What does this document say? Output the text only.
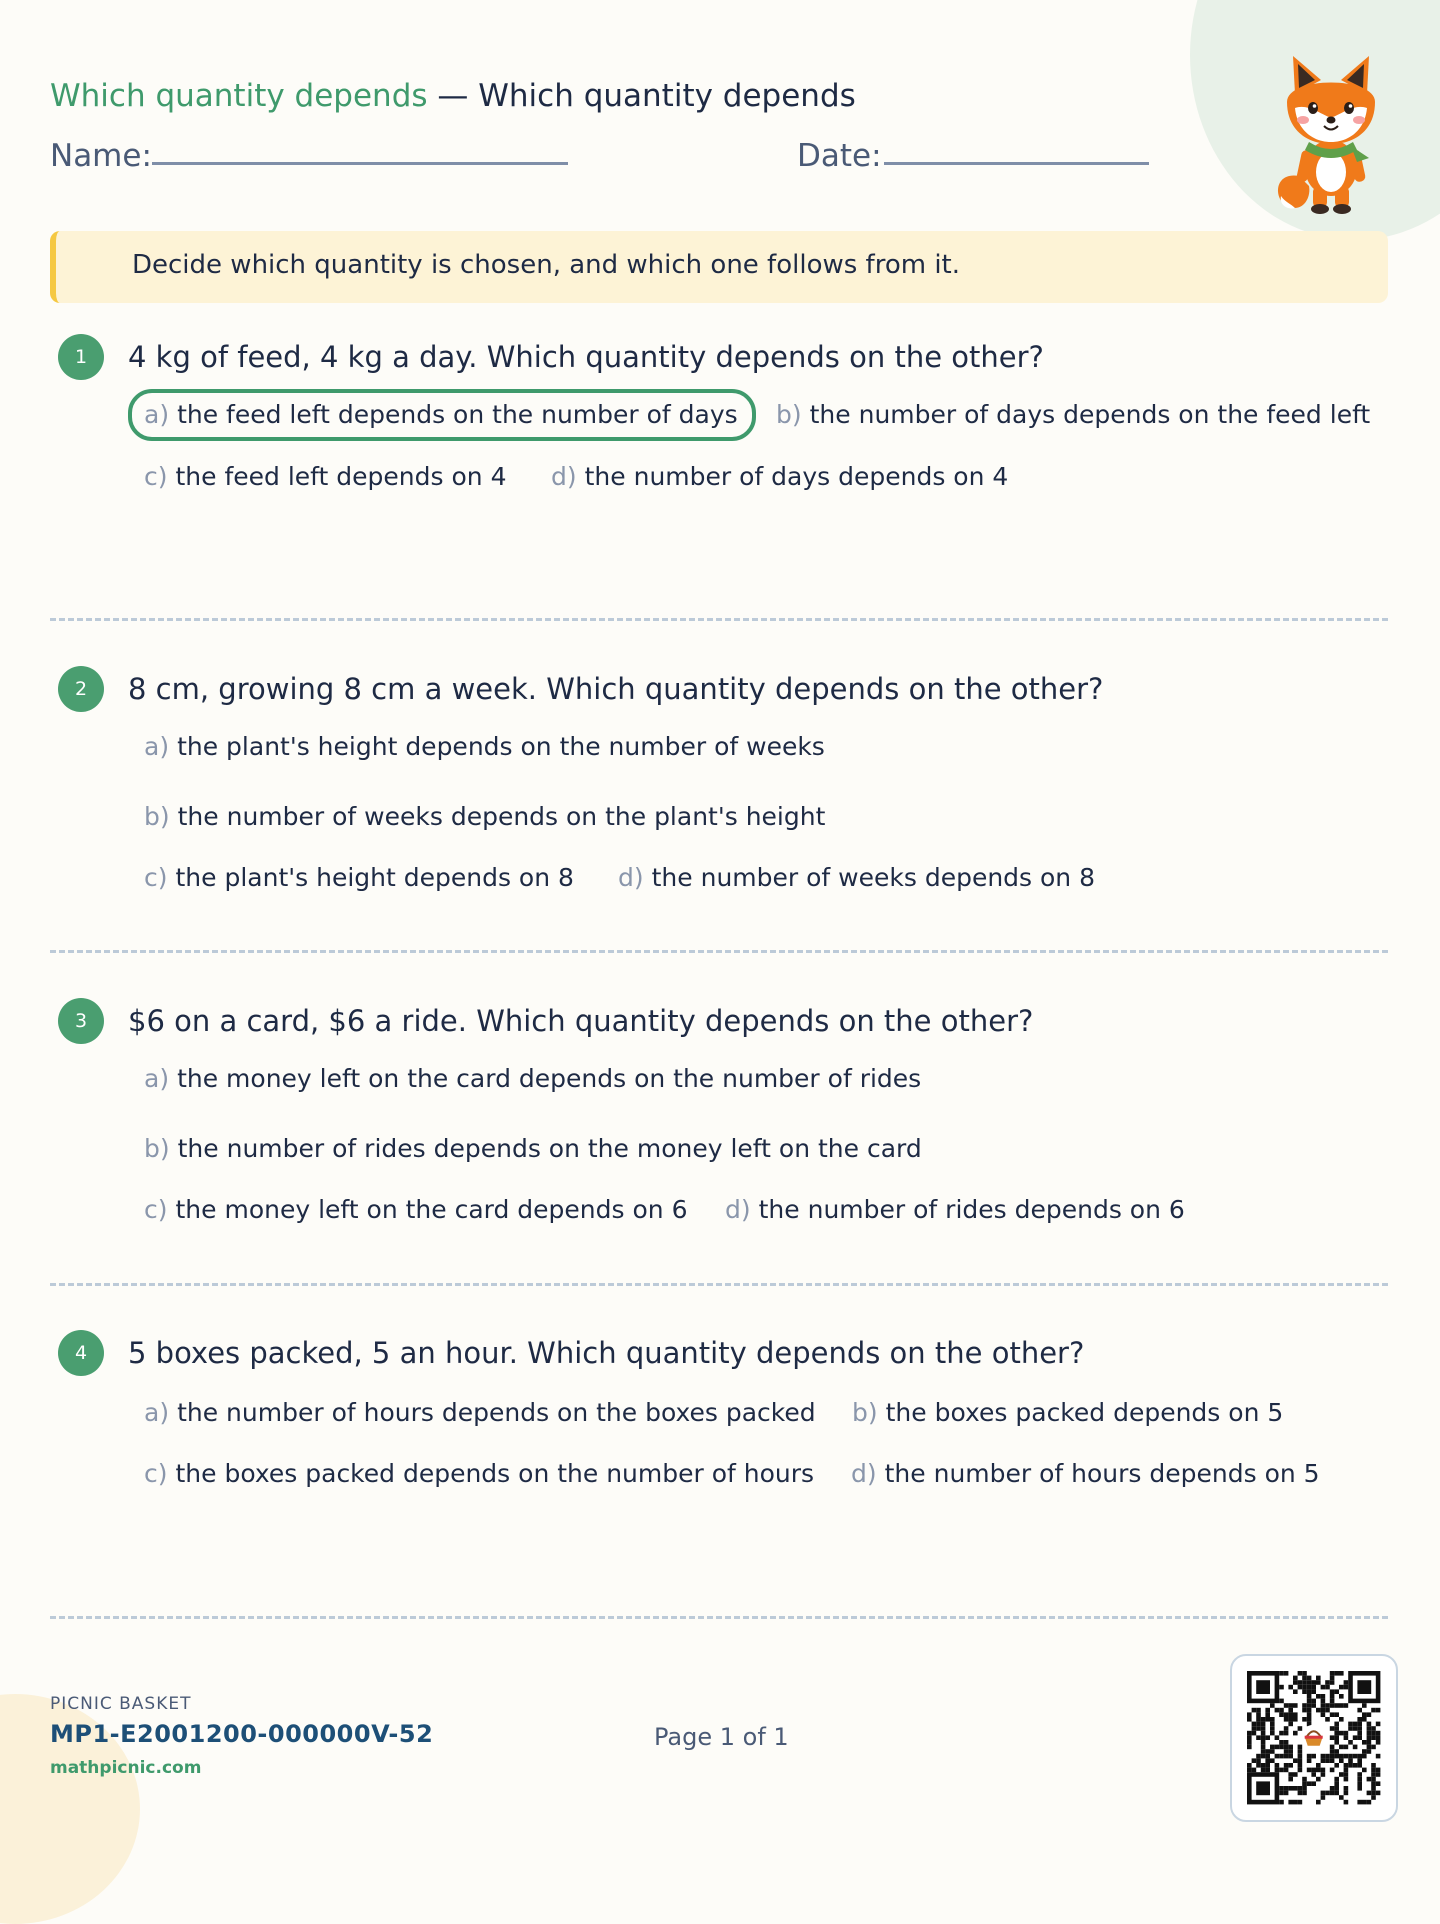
Which quantity depends — Which quantity depends
Name:	Date:
Decide which quantity is chosen, and which one follows from it.
1	4 kg of feed, 4 kg a day. Which quantity depends on the other?
a) the feed left depends on the number of days	b) the number of days depends on the feed left
c) the feed left depends on 4 d) the number of days depends on 4
2	8 cm, growing 8 cm a week. Which quantity depends on the other?
a) the plant's height depends on the number of weeks
b) the number of weeks depends on the plant's height
c) the plant's height depends on 8 d) the number of weeks depends on 8
3	$6 on a card, $6 a ride. Which quantity depends on the other?
a) the money left on the card depends on the number of rides
b) the number of rides depends on the money left on the card
c) the money left on the card depends on 6 d) the number of rides depends on 6
4	5 boxes packed, 5 an hour. Which quantity depends on the other?
a) the number of hours depends on the boxes packed b) the boxes packed depends on 5
c) the boxes packed depends on the number of hours d) the number of hours depends on 5
PICNIC BASKET
MP1-E2001200-000000V-52
mathpicnic.com
Page 1 of 1
